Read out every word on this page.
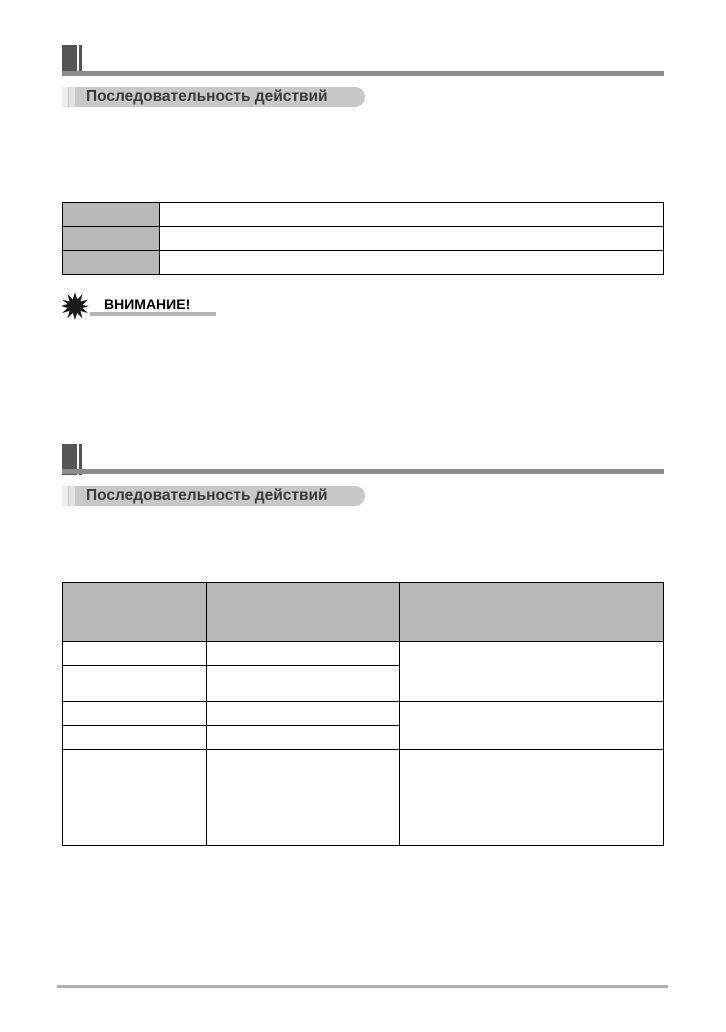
Последовательность действий

ВНИМАНИЕ!
Последовательность действий
